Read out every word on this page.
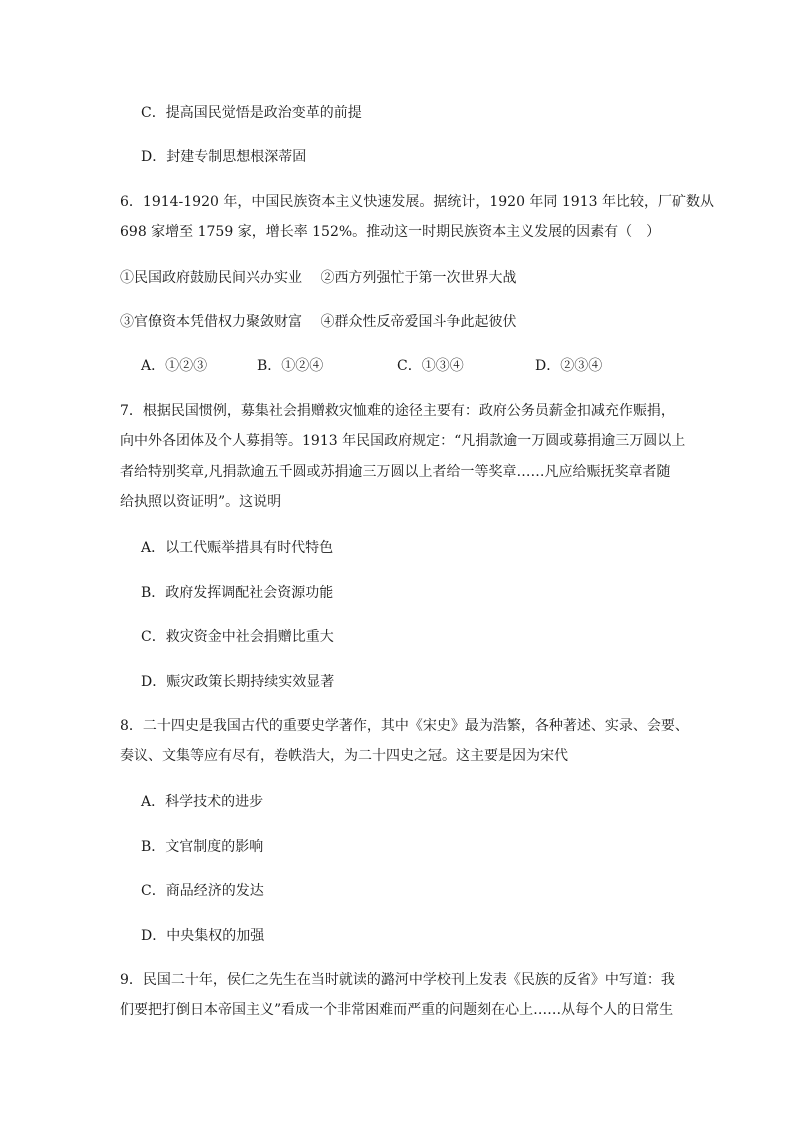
C．提高国民觉悟是政治变革的前提
D．封建专制思想根深蒂固
6．1914-1920 年，中国民族资本主义快速发展。据统计，1920 年同 1913 年比较，厂矿数从
698 家增至 1759 家，增长率 152%。推动这一时期民族资本主义发展的因素有（　）
①民国政府鼓励民间兴办实业　 ②西方列强忙于第一次世界大战
③官僚资本凭借权力聚敛财富　 ④群众性反帝爱国斗争此起彼伏
A．①②③	B．①②④	C．①③④	D．②③④
7．根据民国惯例，募集社会捐赠救灾恤难的途径主要有：政府公务员薪金扣减充作赈捐，
向中外各团体及个人募捐等。1913 年民国政府规定：“凡捐款逾一万圆或募捐逾三万圆以上
者给特别奖章,凡捐款逾五千圆或苏捐逾三万圆以上者给一等奖章……凡应给赈抚奖章者随
给执照以资证明”。这说明
A．以工代赈举措具有时代特色
B．政府发挥调配社会资源功能
C．救灾资金中社会捐赠比重大
D．赈灾政策长期持续实效显著
8．二十四史是我国古代的重要史学著作，其中《宋史》最为浩繁，各种著述、实录、会要、
奏议、文集等应有尽有，卷帙浩大，为二十四史之冠。这主要是因为宋代
A．科学技术的进步
B．文官制度的影响
C．商品经济的发达
D．中央集权的加强
9．民国二十年，侯仁之先生在当时就读的潞河中学校刊上发表《民族的反省》中写道：我
们要把打倒日本帝国主义”看成一个非常困难而严重的问题刻在心上……从每个人的日常生
